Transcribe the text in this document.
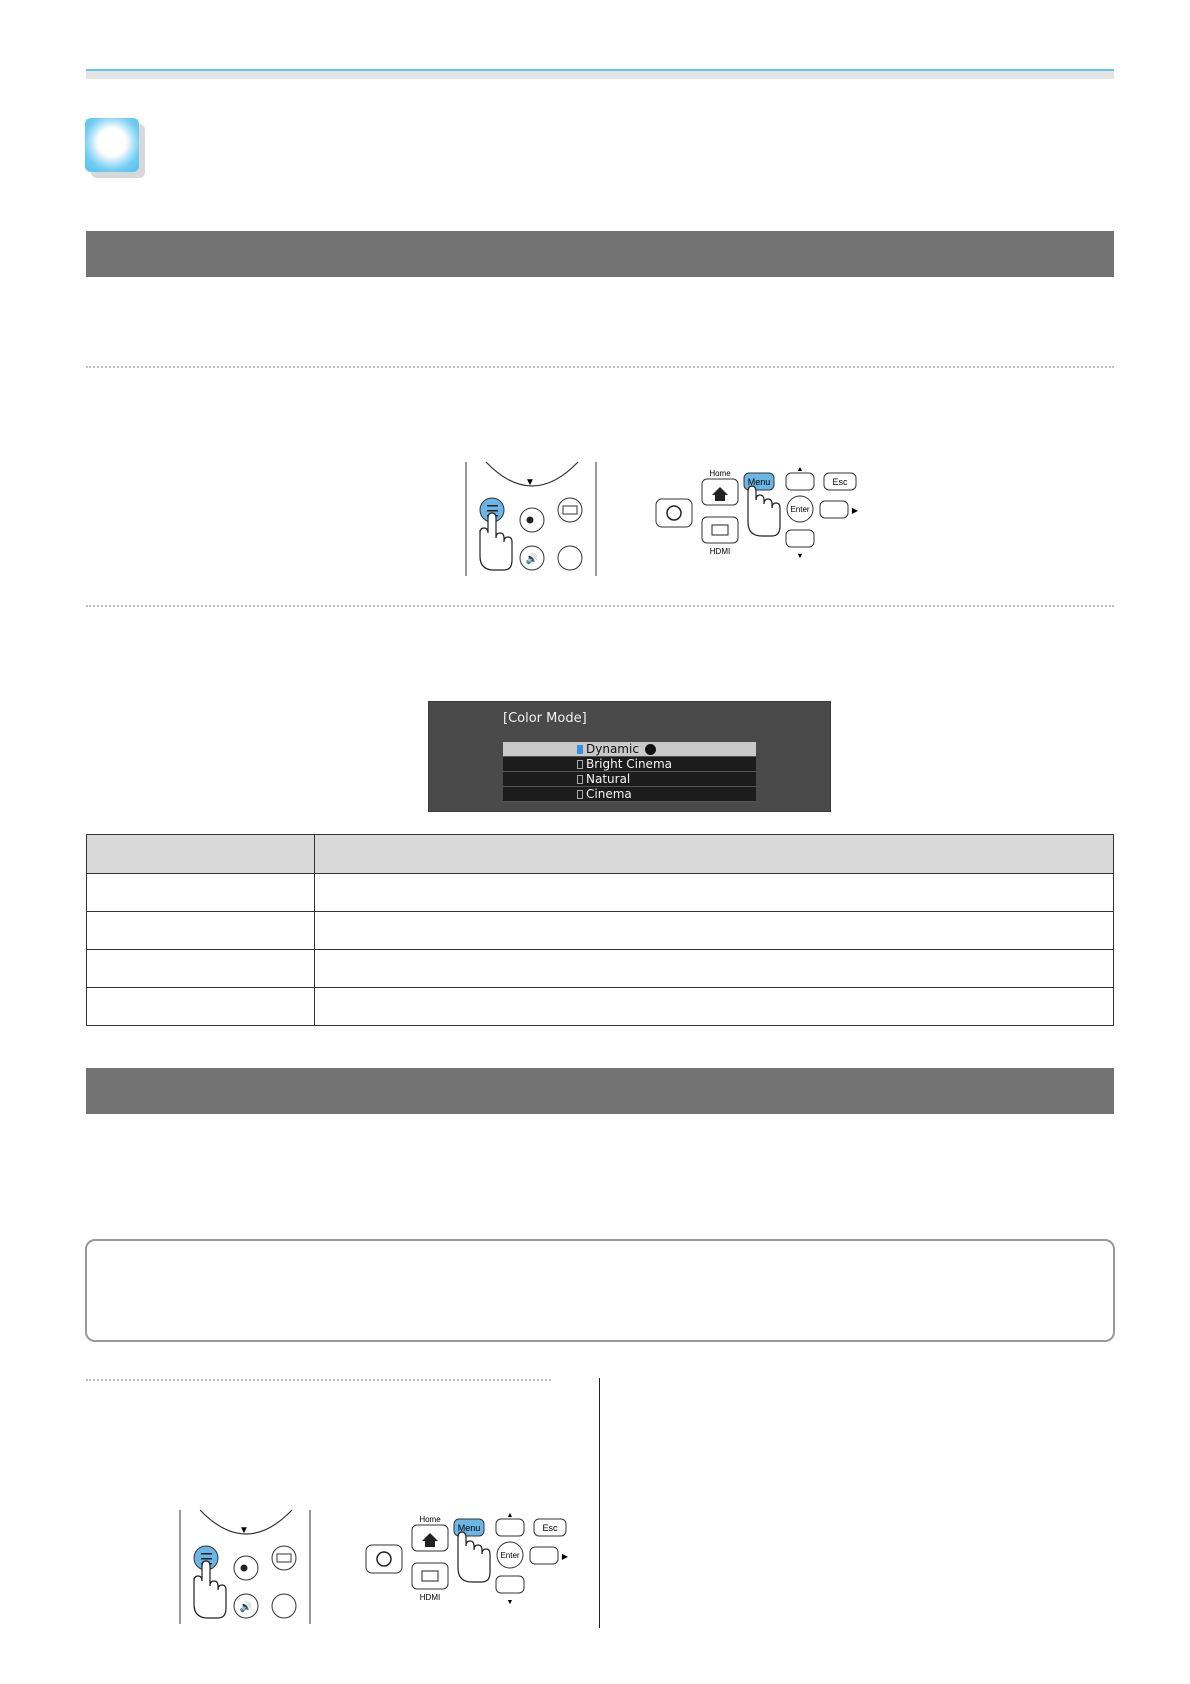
▼
🔊
Home
Menu
▲
Esc
Enter	▶
HDMI
▼
[Color Mode]
Dynamic
Bright Cinema
Natural
Cinema

▼
🔊
Home
Menu
▲
Esc
Enter	▶
HDMI
▼
